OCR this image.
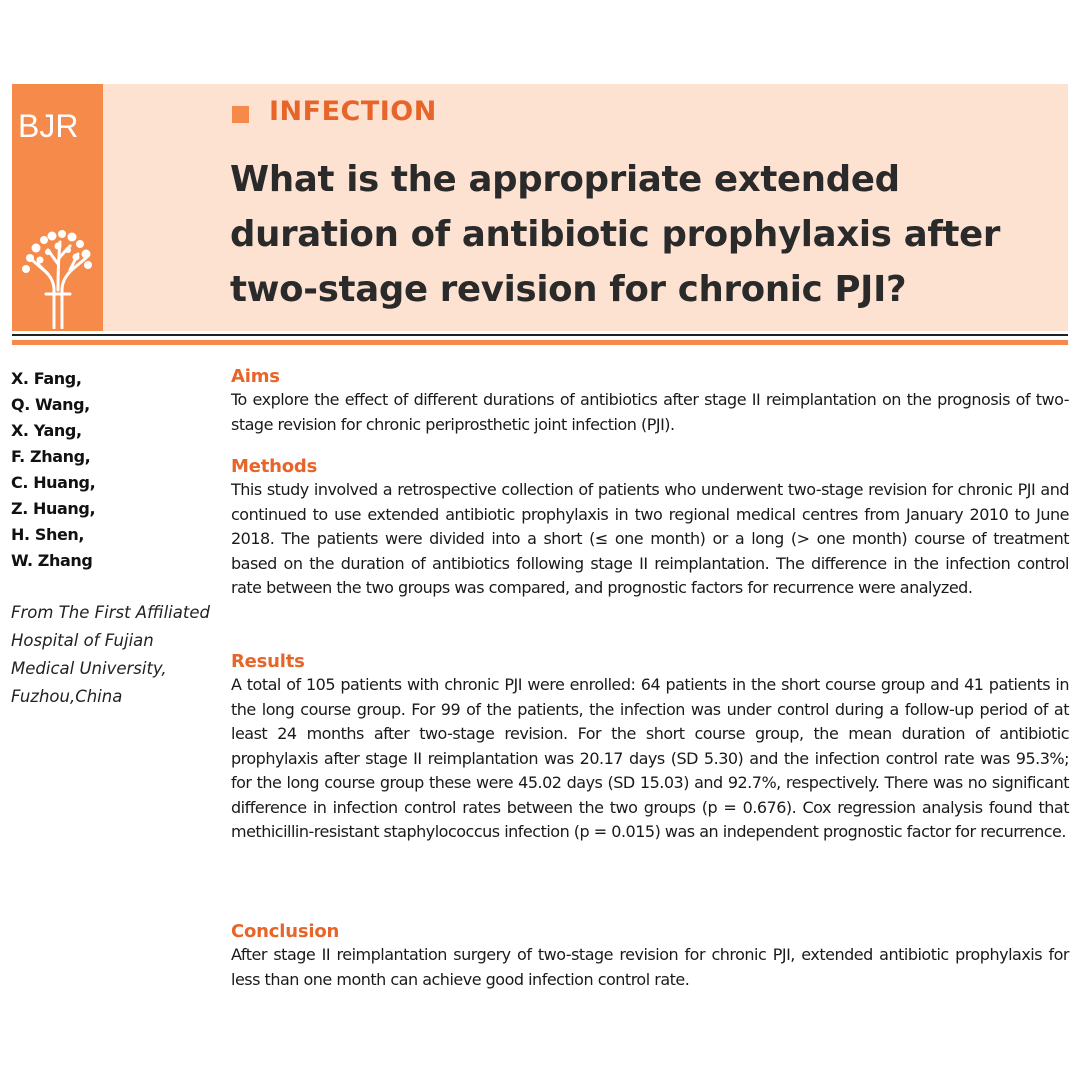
BJR	INFECTION
What is the appropriate extended duration of antibiotic prophylaxis after two-stage revision for chronic PJI?
X. Fang,
Q. Wang,
X. Yang,
F. Zhang,
C. Huang,
Z. Huang,
H. Shen,
W. Zhang

From The First Affiliated Hospital of Fujian Medical University, Fuzhou,China

Aims

To explore the effect of different durations of antibiotics after stage II reimplantation on the prognosis of two-stage revision for chronic periprosthetic joint infection (PJI).

Methods

This study involved a retrospective collection of patients who underwent two-stage revision for chronic PJI and continued to use extended antibiotic prophylaxis in two regional medical centres from January 2010 to June 2018. The patients were divided into a short (≤ one month) or a long (> one month) course of treatment based on the duration of antibiotics following stage II reimplantation. The difference in the infection control rate between the two groups was compared, and prognostic factors for recurrence were analyzed.

Results

A total of 105 patients with chronic PJI were enrolled: 64 patients in the short course group and 41 patients in the long course group. For 99 of the patients, the infection was under control during a follow-up period of at least 24 months after two-stage revision. For the short course group, the mean duration of antibiotic prophylaxis after stage II reimplantation was 20.17 days (SD 5.30) and the infection control rate was 95.3%; for the long course group these were 45.02 days (SD 15.03) and 92.7%, respectively. There was no significant difference in infection control rates between the two groups (p = 0.676). Cox regression analysis found that methicillin-resistant staphylococcus infection (p = 0.015) was an independent prognostic factor for recurrence.

Conclusion

After stage II reimplantation surgery of two-stage revision for chronic PJI, extended antibiotic prophylaxis for less than one month can achieve good infection control rate.
